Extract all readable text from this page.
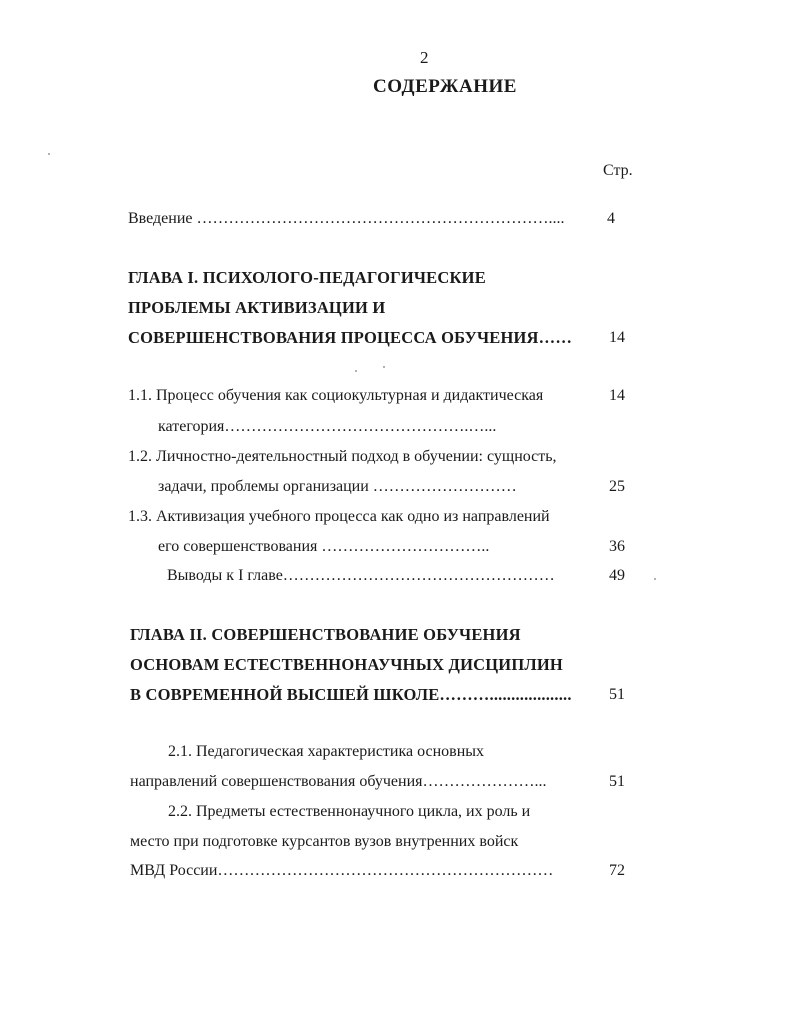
2
СОДЕРЖАНИЕ
Стр.
Введение …………………………………………………………....	4
ГЛАВА I. ПСИХОЛОГО-ПЕДАГОГИЧЕСКИЕ
ПРОБЛЕМЫ АКТИВИЗАЦИИ И
СОВЕРШЕНСТВОВАНИЯ ПРОЦЕССА ОБУЧЕНИЯ……	14
1.1. Процесс обучения как социокультурная и дидактическая	14
категория……………………………………….…...
1.2. Личностно-деятельностный подход в обучении: сущность,
задачи, проблемы организации ………………………	25
1.3. Активизация учебного процесса как одно из направлений
его совершенствования …………………………..	36
Выводы к I главе……………………………………………	49
ГЛАВА II. СОВЕРШЕНСТВОВАНИЕ ОБУЧЕНИЯ
ОСНОВАМ ЕСТЕСТВЕННОНАУЧНЫХ ДИСЦИПЛИН
В СОВРЕМЕННОЙ ВЫСШЕЙ ШКОЛЕ………...................	51
2.1. Педагогическая характеристика основных
направлений совершенствования обучения…………………...	51
2.2. Предметы естественнонаучного цикла, их роль и
место при подготовке курсантов вузов внутренних войск
МВД России………………………………………………………	72
